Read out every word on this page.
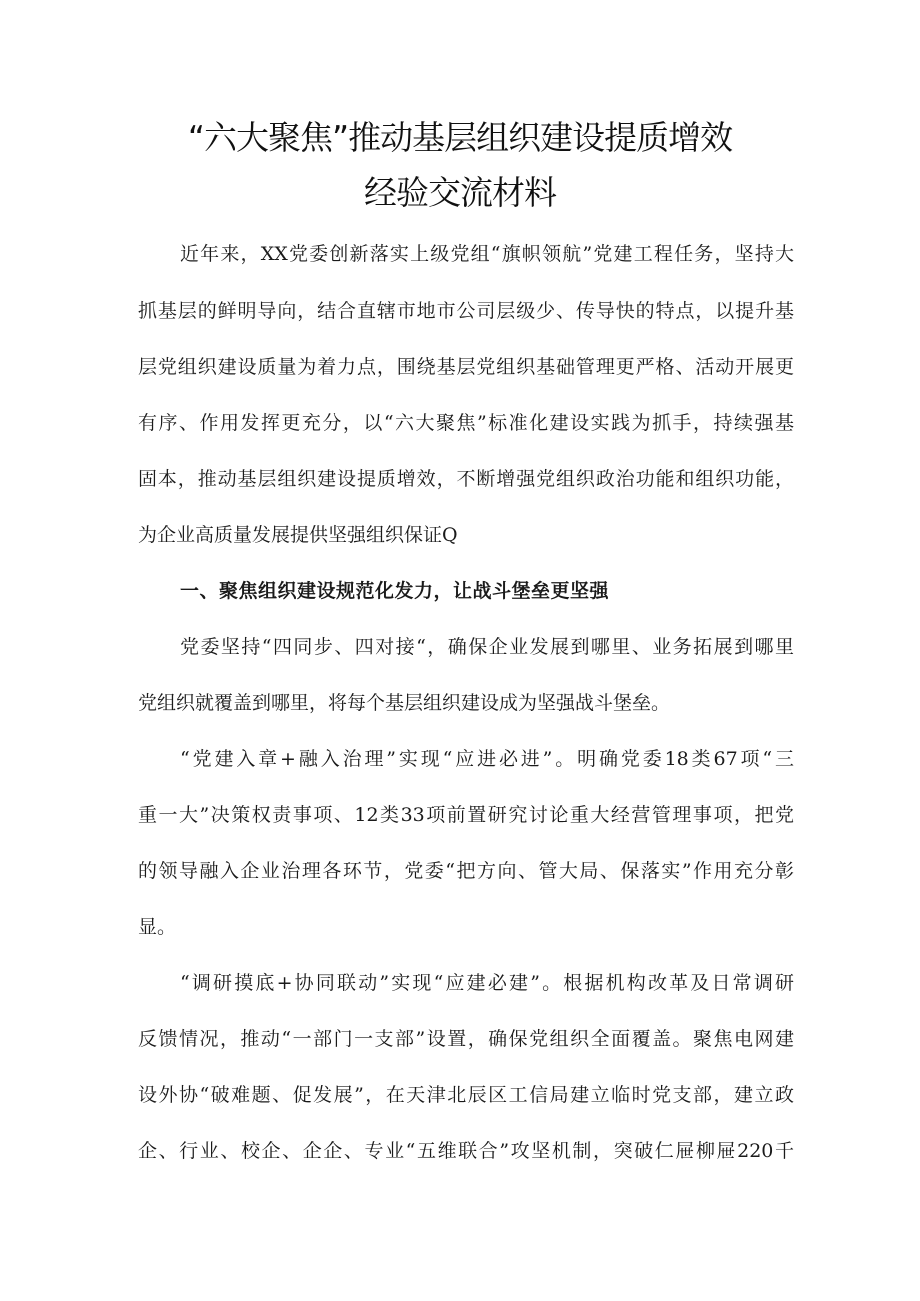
“六大聚焦”推动基层组织建设提质增效
经验交流材料
近年来，XX党委创新落实上级党组“旗帜领航”党建工程任务，坚持大
抓基层的鲜明导向，结合直辖市地市公司层级少、传导快的特点，以提升基
层党组织建设质量为着力点，围绕基层党组织基础管理更严格、活动开展更
有序、作用发挥更充分，以“六大聚焦”标准化建设实践为抓手，持续强基
固本，推动基层组织建设提质增效，不断增强党组织政治功能和组织功能，
为企业高质量发展提供坚强组织保证Q
一、聚焦组织建设规范化发力，让战斗堡垒更坚强
党委坚持“四同步、四对接“，确保企业发展到哪里、业务拓展到哪里
党组织就覆盖到哪里，将每个基层组织建设成为坚强战斗堡垒。
“党建入章+融入治理”实现“应进必进”。明确党委18类67项“三
重一大”决策权责事项、12类33项前置研究讨论重大经营管理事项，把党
的领导融入企业治理各环节，党委“把方向、管大局、保落实”作用充分彰
显。
“调研摸底+协同联动”实现“应建必建”。根据机构改革及日常调研
反馈情况，推动“一部门一支部”设置，确保党组织全面覆盖。聚焦电网建
设外协“破难题、促发展”，在天津北辰区工信局建立临时党支部，建立政
企、行业、校企、企企、专业“五维联合”攻坚机制，突破仁屉柳屉220千
